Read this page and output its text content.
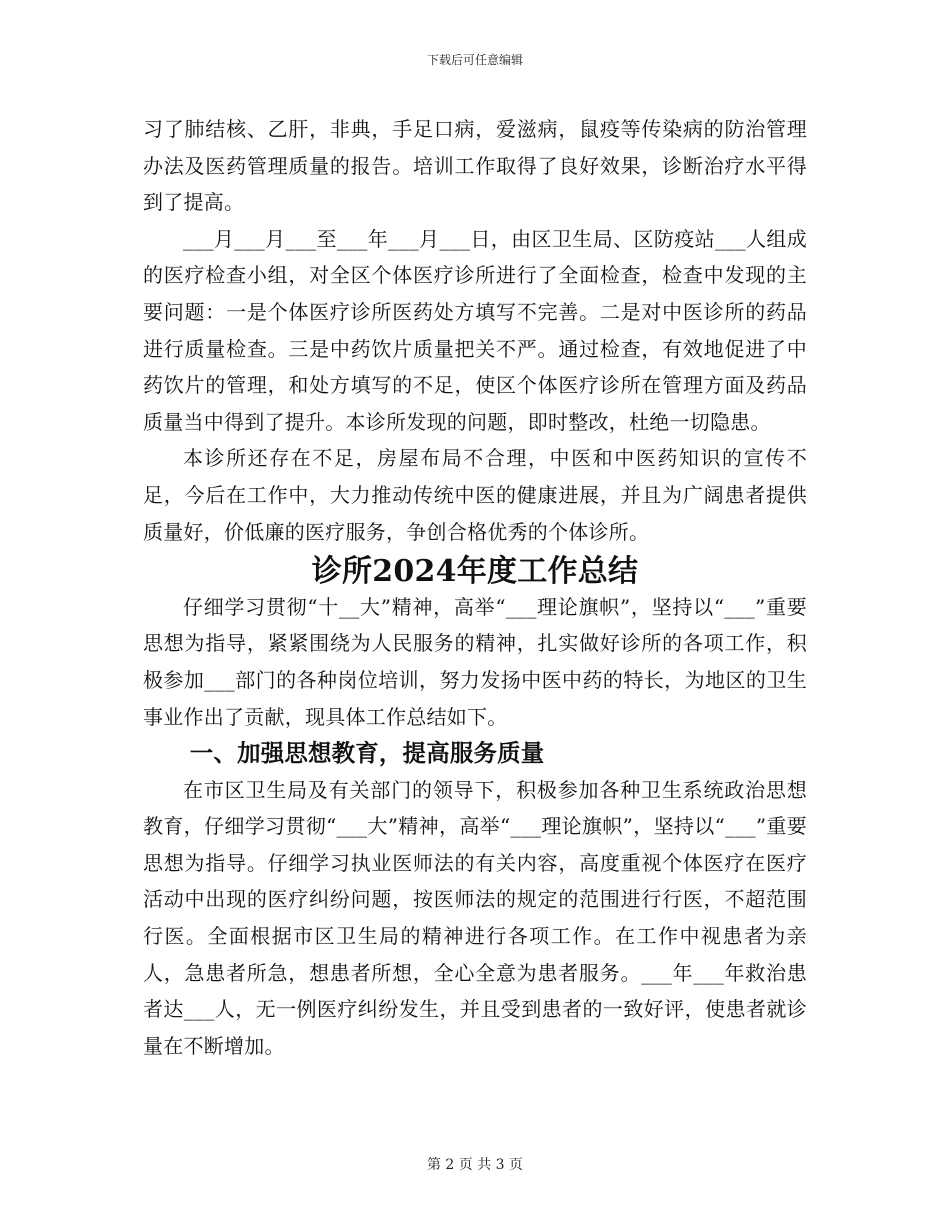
下载后可任意编辑

习了肺结核、乙肝，非典，手足口病，爱滋病，鼠疫等传染病的防治管理办法及医药管理质量的报告。培训工作取得了良好效果，诊断治疗水平得到了提高。

___月___月___至___年___月___日，由区卫生局、区防疫站___人组成的医疗检查小组，对全区个体医疗诊所进行了全面检查，检查中发现的主要问题：一是个体医疗诊所医药处方填写不完善。二是对中医诊所的药品进行质量检查。三是中药饮片质量把关不严。通过检查，有效地促进了中药饮片的管理，和处方填写的不足，使区个体医疗诊所在管理方面及药品质量当中得到了提升。本诊所发现的问题，即时整改，杜绝一切隐患。

本诊所还存在不足，房屋布局不合理，中医和中医药知识的宣传不足，今后在工作中，大力推动传统中医的健康进展，并且为广阔患者提供质量好，价低廉的医疗服务，争创合格优秀的个体诊所。

诊所2024年度工作总结

仔细学习贯彻“十__大”精神，高举“___理论旗帜”，坚持以“___”重要思想为指导，紧紧围绕为人民服务的精神，扎实做好诊所的各项工作，积极参加___部门的各种岗位培训，努力发扬中医中药的特长，为地区的卫生事业作出了贡献，现具体工作总结如下。

一、加强思想教育，提高服务质量

在市区卫生局及有关部门的领导下，积极参加各种卫生系统政治思想教育，仔细学习贯彻“___大”精神，高举“___理论旗帜”，坚持以“___”重要思想为指导。仔细学习执业医师法的有关内容，高度重视个体医疗在医疗活动中出现的医疗纠纷问题，按医师法的规定的范围进行行医，不超范围行医。全面根据市区卫生局的精神进行各项工作。在工作中视患者为亲人，急患者所急，想患者所想，全心全意为患者服务。___年___年救治患者达___人，无一例医疗纠纷发生，并且受到患者的一致好评，使患者就诊量在不断增加。

第 2 页 共 3 页
